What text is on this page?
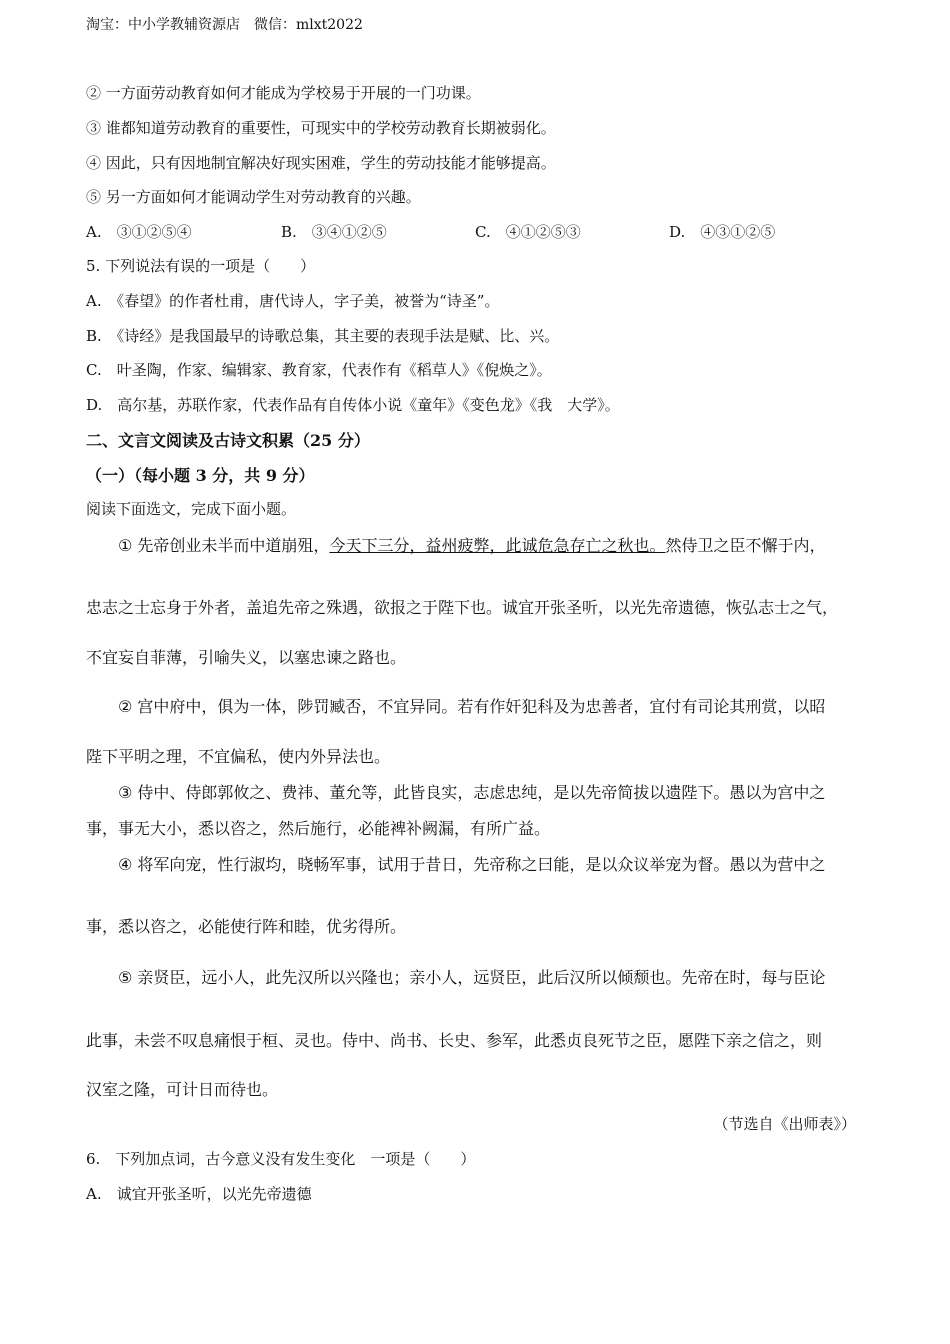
淘宝：中小学教辅资源店　微信：mlxt2022
② 一方面劳动教育如何才能成为学校易于开展的一门功课。
③ 谁都知道劳动教育的重要性，可现实中的学校劳动教育长期被弱化。
④ 因此，只有因地制宜解决好现实困难，学生的劳动技能才能够提高。
⑤ 另一方面如何才能调动学生对劳动教育的兴趣。
A.　③①②⑤④	B.　③④①②⑤	C.　④①②⑤③	D.　④③①②⑤
5. 下列说法有误的一项是（　　）
A.　《春望》的作者杜甫，唐代诗人，字子美，被誉为“诗圣”。
B.　《诗经》是我国最早的诗歌总集，其主要的表现手法是赋、比、兴。
C.　叶圣陶，作家、编辑家、教育家，代表作有《稻草人》《倪焕之》。
D.　高尔基，苏联作家，代表作品有自传体小说《童年》《变色龙》《我　大学》。
二、文言文阅读及古诗文积累（25 分）
（一）（每小题 3 分，共 9 分）
阅读下面选文，完成下面小题。
① 先帝创业未半而中道崩殂，今天下三分，益州疲弊，此诚危急存亡之秋也。然侍卫之臣不懈于内，
忠志之士忘身于外者，盖追先帝之殊遇，欲报之于陛下也。诚宜开张圣听，以光先帝遗德，恢弘志士之气，
不宜妄自菲薄，引喻失义，以塞忠谏之路也。
② 宫中府中，俱为一体，陟罚臧否，不宜异同。若有作奸犯科及为忠善者，宜付有司论其刑赏，以昭
陛下平明之理，不宜偏私，使内外异法也。
③ 侍中、侍郎郭攸之、费祎、董允等，此皆良实，志虑忠纯，是以先帝简拔以遗陛下。愚以为宫中之
事，事无大小，悉以咨之，然后施行，必能裨补阙漏，有所广益。
④ 将军向宠，性行淑均，晓畅军事，试用于昔日，先帝称之曰能，是以众议举宠为督。愚以为营中之
事，悉以咨之，必能使行阵和睦，优劣得所。
⑤ 亲贤臣，远小人，此先汉所以兴隆也；亲小人，远贤臣，此后汉所以倾颓也。先帝在时，每与臣论
此事，未尝不叹息痛恨于桓、灵也。侍中、尚书、长史、参军，此悉贞良死节之臣，愿陛下亲之信之，则
汉室之隆，可计日而待也。
（节选自《出师表》）
6.　下列加点词，古今意义没有发生变化　一项是（　　）
A.　诚宜开张圣听，以光先帝遗德
